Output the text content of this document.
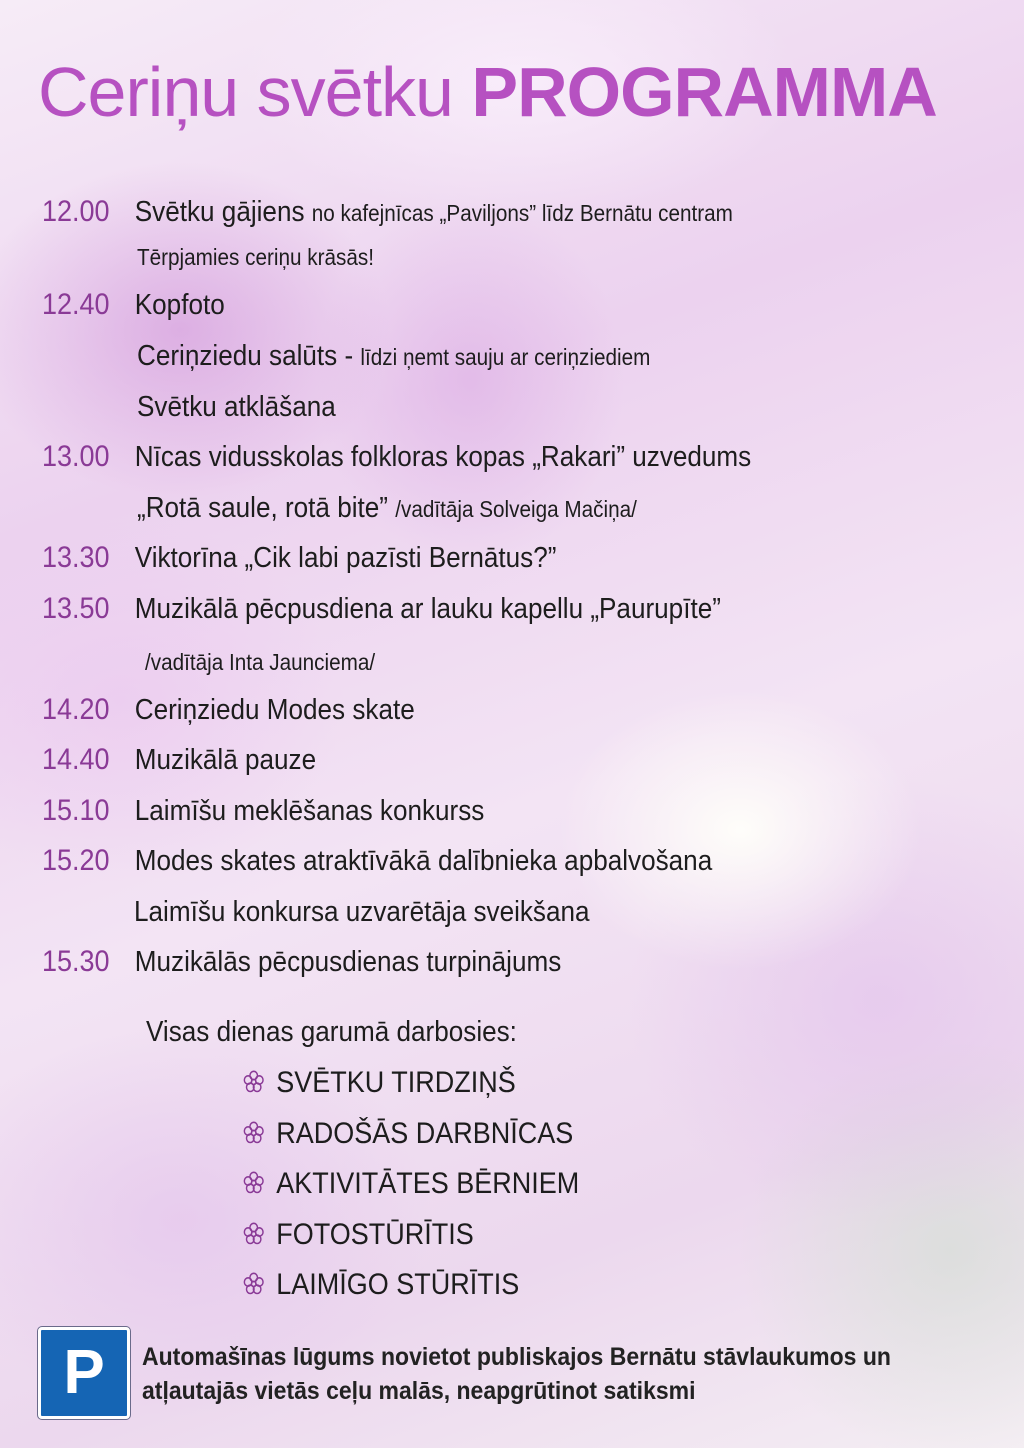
Ceriņu svētku PROGRAMMA
12.00 Svētku gājiens no kafejnīcas „Paviljons” līdz Bernātu centram
Tērpjamies ceriņu krāsās!
12.40 Kopfoto
Ceriņziedu salūts - līdzi ņemt sauju ar ceriņziediem
Svētku atklāšana
13.00 Nīcas vidusskolas folkloras kopas „Rakari” uzvedums
„Rotā saule, rotā bite” /vadītāja Solveiga Mačiņa/
13.30 Viktorīna „Cik labi pazīsti Bernātus?”
13.50 Muzikālā pēcpusdiena ar lauku kapellu „Paurupīte”
/vadītāja Inta Jaunciema/
14.20 Ceriņziedu Modes skate
14.40 Muzikālā pauze
15.10 Laimīšu meklēšanas konkurss
15.20 Modes skates atraktīvākā dalībnieka apbalvošana
Laimīšu konkursa uzvarētāja sveikšana
15.30 Muzikālās pēcpusdienas turpinājums
Visas dienas garumā darbosies:
SVĒTKU TIRDZIŅŠ
RADOŠĀS DARBNĪCAS
AKTIVITĀTES BĒRNIEM
FOTOSTŪRĪTIS
LAIMĪGO STŪRĪTIS
P	Automašīnas lūgums novietot publiskajos Bernātu stāvlaukumos un
atļautajās vietās ceļu malās, neapgrūtinot satiksmi
